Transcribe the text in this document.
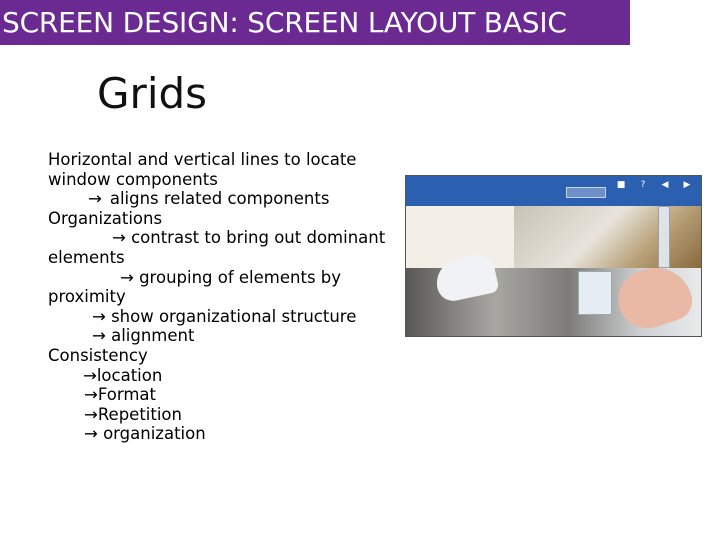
SCREEN DESIGN: SCREEN LAYOUT BASIC
Grids
Horizontal and vertical lines to locate window components
→ aligns related components
Organizations
→ contrast to bring out dominant elements
→ grouping of elements by proximity
→ show organizational structure
→ alignment
Consistency
→location
→Format
→Repetition
→ organization
■	?	◀	▶
